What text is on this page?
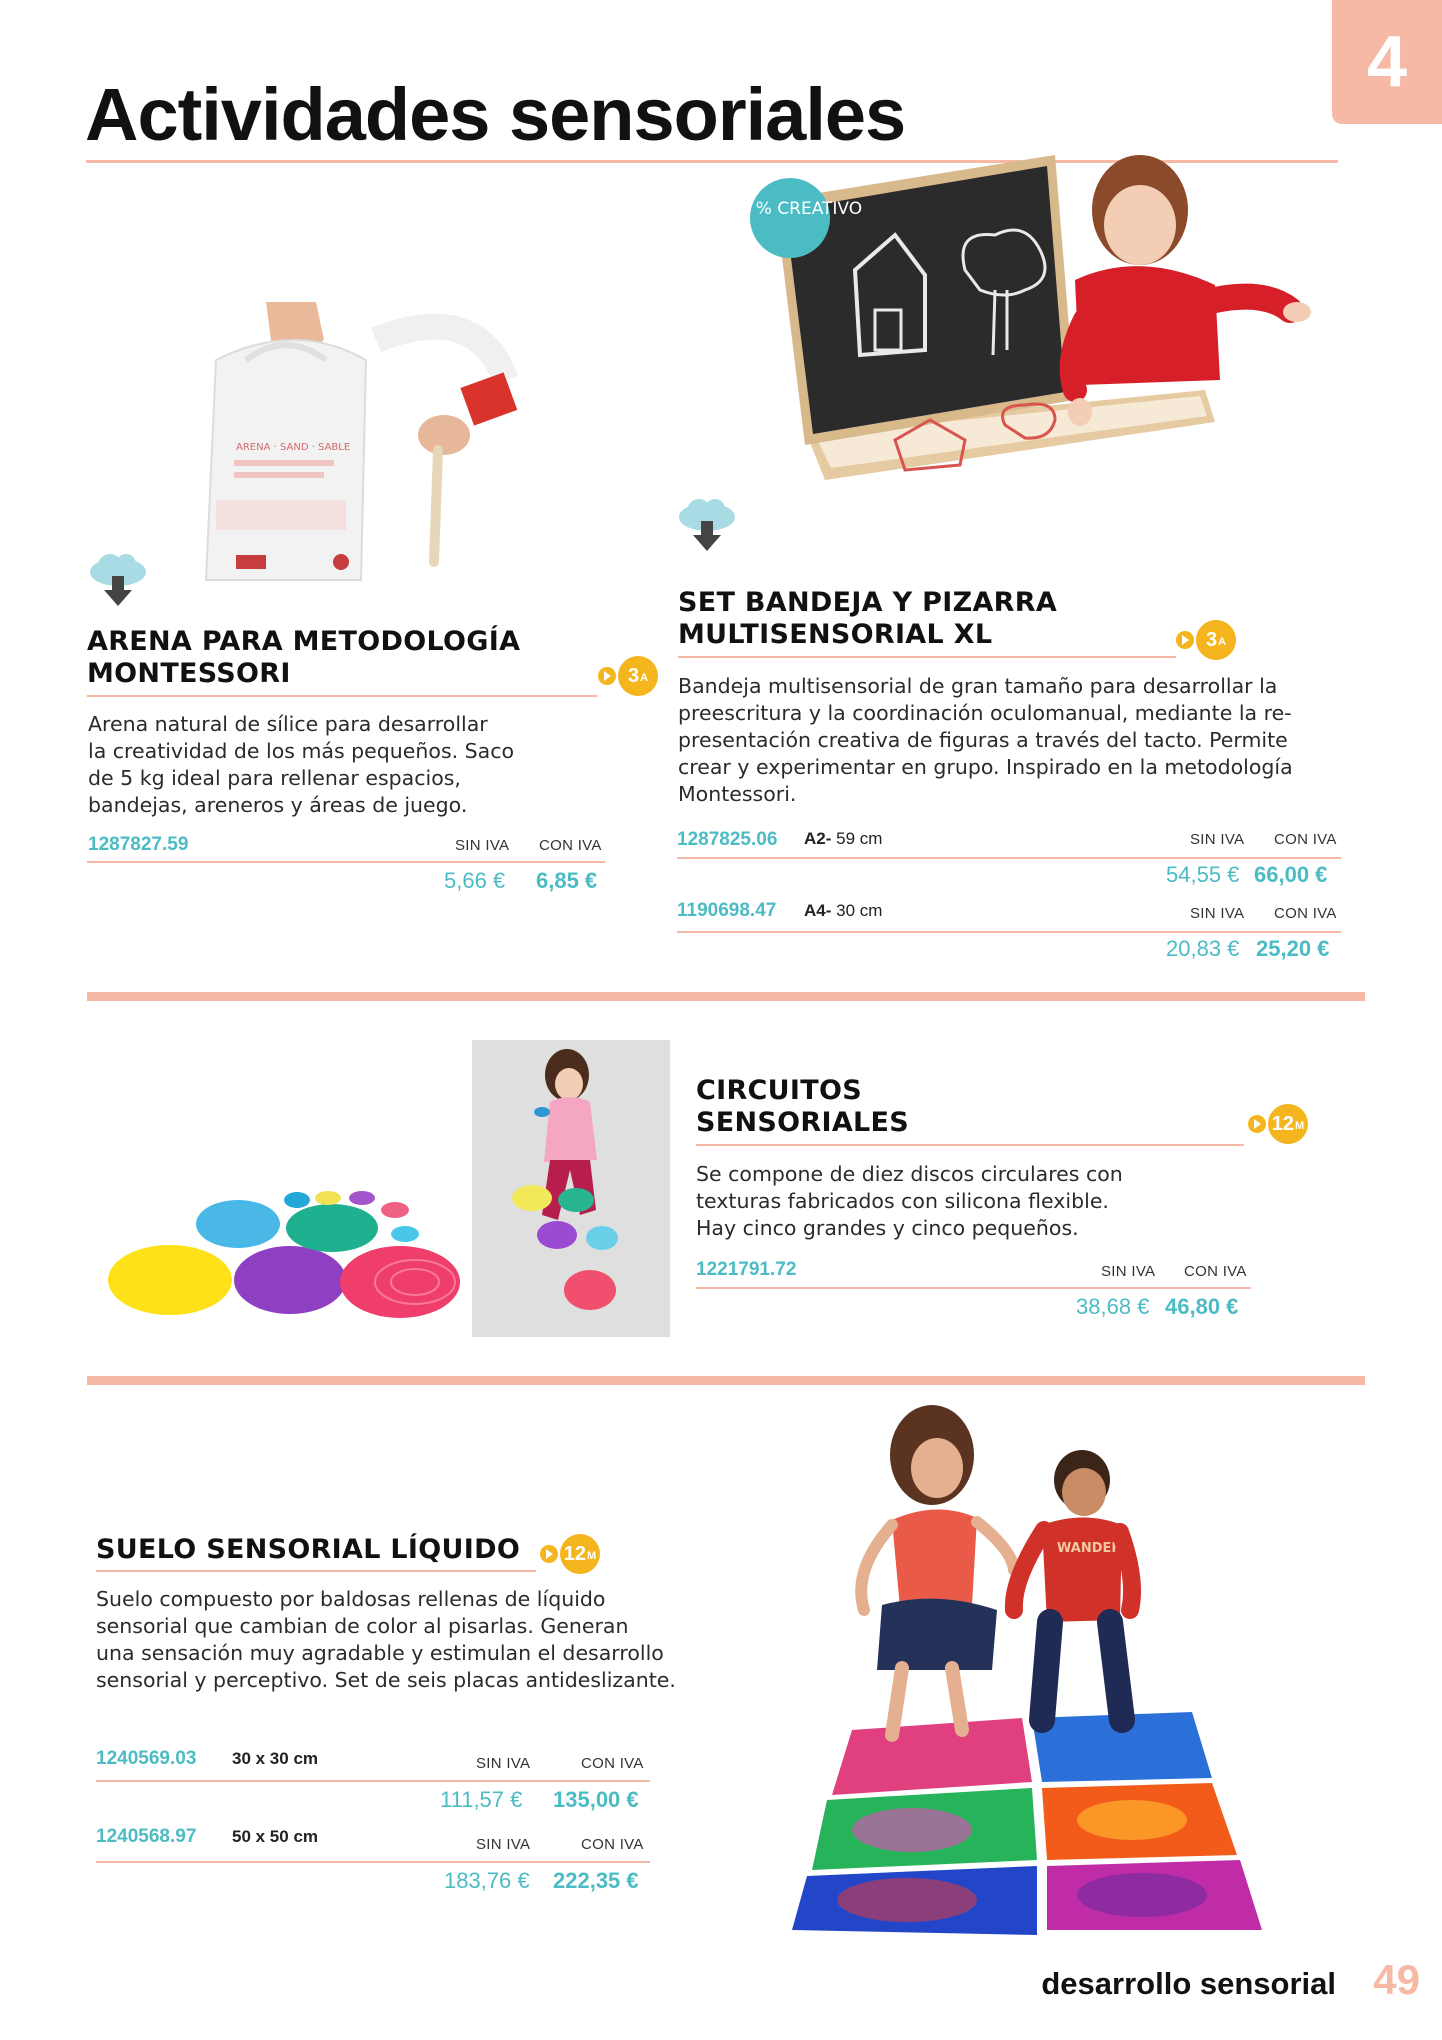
Actividades sensoriales
4
ARENA · SAND · SABLE
ARENA PARA METODOLOGÍA
MONTESSORI	3 A
Arena natural de sílice para desarrollar
la creatividad de los más pequeños. Saco
de 5 kg ideal para rellenar espacios,
bandejas, areneros y áreas de juego.
1287827.59	SIN IVA CON IVA
5,66 € 6,85 €
100 % CREATIVO
SET BANDEJA Y PIZARRA
MULTISENSORIAL XL	3 A
Bandeja multisensorial de gran tamaño para desarrollar la
preescritura y la coordinación oculomanual, mediante la re-
presentación creativa de figuras a través del tacto. Permite
crear y experimentar en grupo. Inspirado en la metodología
Montessori.
1287825.06 A2- 59 cm	SIN IVA CON IVA
54,55 € 66,00 €
1190698.47 A4- 30 cm	SIN IVA CON IVA
20,83 € 25,20 €
CIRCUITOS
SENSORIALES	12 M
Se compone de diez discos circulares con
texturas fabricados con silicona flexible.
Hay cinco grandes y cinco pequeños.
1221791.72	SIN IVA CON IVA
38,68 € 46,80 €
SUELO SENSORIAL LÍQUIDO 12 M
Suelo compuesto por baldosas rellenas de líquido
sensorial que cambian de color al pisarlas. Generan
una sensación muy agradable y estimulan el desarrollo
sensorial y perceptivo. Set de seis placas antideslizante.
1240569.03 30 x 30 cm	SIN IVA	CON IVA
111,57 € 135,00 €
1240568.97 50 x 50 cm	SIN IVA	CON IVA
183,76 € 222,35 €
WANDER
desarrollo sensorial 49
